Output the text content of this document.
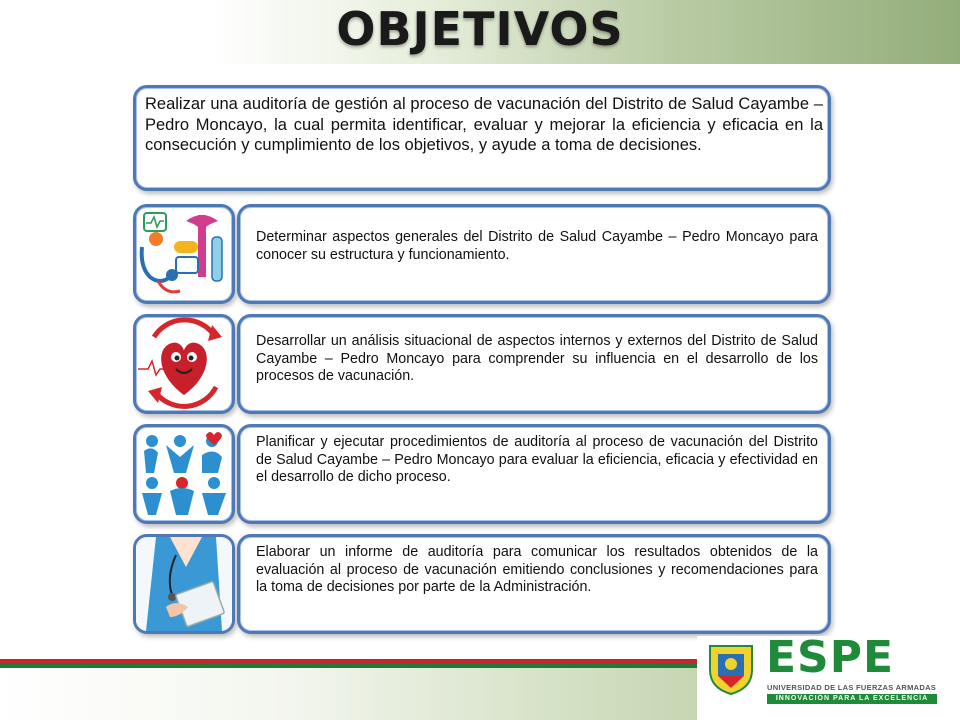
OBJETIVOS
Realizar una auditoría de gestión al proceso de vacunación del Distrito de Salud Cayambe – Pedro Moncayo, la cual permita identificar, evaluar y mejorar la eficiencia y eficacia en la consecución y cumplimiento de los objetivos, y ayude a toma de decisiones.
Determinar aspectos generales del Distrito de Salud Cayambe – Pedro Moncayo para conocer su estructura y funcionamiento.
Desarrollar un análisis situacional de aspectos internos y externos del Distrito de Salud Cayambe – Pedro Moncayo para comprender su influencia en el desarrollo de los procesos de vacunación.
Planificar y ejecutar procedimientos de auditoría al proceso de vacunación del Distrito de Salud Cayambe – Pedro Moncayo para evaluar la eficiencia, eficacia y efectividad en el desarrollo de dicho proceso.
Elaborar un informe de auditoría para comunicar los resultados obtenidos de la evaluación al proceso de vacunación emitiendo conclusiones y recomendaciones para la toma de decisiones por parte de la Administración.
ESPE
UNIVERSIDAD DE LAS FUERZAS ARMADAS
INNOVACIÓN PARA LA EXCELENCIA
